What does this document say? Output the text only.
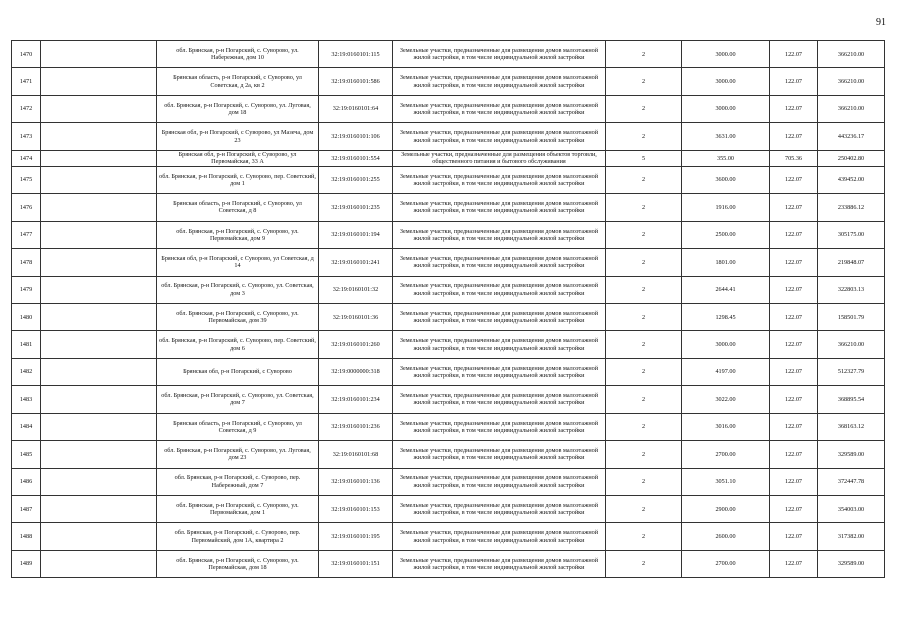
91
1470		обл. Брянская, р-н Погарский, с. Суворово, ул. Набережная, дом 10	32:19:0160101:115	Земельные участки, предназначенные для размещения домов малоэтажной жилой застройки, в том числе индивидуальной жилой застройки	2	3000.00	122.07	366210.00
1471		Брянская область, р-н Погарский, с Суворово, ул Советская, д 2а, кв 2	32:19:0160101:586	Земельные участки, предназначенные для размещения домов малоэтажной жилой застройки, в том числе индивидуальной жилой застройки	2	3000.00	122.07	366210.00
1472		обл. Брянская, р-н Погарский, с. Суворово, ул. Луговая, дом 18	32:19:0160101:64	Земельные участки, предназначенные для размещения домов малоэтажной жилой застройки, в том числе индивидуальной жилой застройки	2	3000.00	122.07	366210.00
1473		Брянская обл, р-н Погарский, с Суворово, ул Мазеча, дом 23	32:19:0160101:106	Земельные участки, предназначенные для размещения домов малоэтажной жилой застройки, в том числе индивидуальной жилой застройки	2	3631.00	122.07	443236.17
1474		Брянская обл, р-н Погарский, с Суворово, ул Первомайская, 33 А	32:19:0160101:554	Земельные участки, предназначенные для размещения объектов торговли, общественного питания и бытового обслуживания	5	355.00	705.36	250402.80
1475		обл. Брянская, р-н Погарский, с. Суворово, пер. Советский, дом 1	32:19:0160101:255	Земельные участки, предназначенные для размещения домов малоэтажной жилой застройки, в том числе индивидуальной жилой застройки	2	3600.00	122.07	439452.00
1476		Брянская область, р-н Погарский, с Суворово, ул Советская, д 8	32:19:0160101:235	Земельные участки, предназначенные для размещения домов малоэтажной жилой застройки, в том числе индивидуальной жилой застройки	2	1916.00	122.07	233886.12
1477		обл. Брянская, р-н Погарский, с. Суворово, ул. Первомайская, дом 9	32:19:0160101:194	Земельные участки, предназначенные для размещения домов малоэтажной жилой застройки, в том числе индивидуальной жилой застройки	2	2500.00	122.07	305175.00
1478		Брянская обл, р-н Погарский, с Суворово, ул Советская, д 14	32:19:0160101:241	Земельные участки, предназначенные для размещения домов малоэтажной жилой застройки, в том числе индивидуальной жилой застройки	2	1801.00	122.07	219848.07
1479		обл. Брянская, р-н Погарский, с. Суворово, ул. Советская, дом 3	32:19:0160101:32	Земельные участки, предназначенные для размещения домов малоэтажной жилой застройки, в том числе индивидуальной жилой застройки	2	2644.41	122.07	322803.13
1480		обл. Брянская, р-н Погарский, с. Суворово, ул. Первомайская, дом 39	32:19:0160101:36	Земельные участки, предназначенные для размещения домов малоэтажной жилой застройки, в том числе индивидуальной жилой застройки	2	1298.45	122.07	158501.79
1481		обл. Брянская, р-н Погарский, с. Суворово, пер. Советский, дом 6	32:19:0160101:260	Земельные участки, предназначенные для размещения домов малоэтажной жилой застройки, в том числе индивидуальной жилой застройки	2	3000.00	122.07	366210.00
1482		Брянская обл, р-н Погарский, с Суворово	32:19:0000000:318	Земельные участки, предназначенные для размещения домов малоэтажной жилой застройки, в том числе индивидуальной жилой застройки	2	4197.00	122.07	512327.79
1483		обл. Брянская, р-н Погарский, с. Суворово, ул. Советская, дом 7	32:19:0160101:234	Земельные участки, предназначенные для размещения домов малоэтажной жилой застройки, в том числе индивидуальной жилой застройки	2	3022.00	122.07	368895.54
1484		Брянская область, р-н Погарский, с Суворово, ул Советская, д 9	32:19:0160101:236	Земельные участки, предназначенные для размещения домов малоэтажной жилой застройки, в том числе индивидуальной жилой застройки	2	3016.00	122.07	368163.12
1485		обл. Брянская, р-н Погарский, с. Суворово, ул. Луговая, дом 23	32:19:0160101:68	Земельные участки, предназначенные для размещения домов малоэтажной жилой застройки, в том числе индивидуальной жилой застройки	2	2700.00	122.07	329589.00
1486		обл. Брянская, р-н Погарский, с. Суворово, пер. Набережный, дом 7	32:19:0160101:136	Земельные участки, предназначенные для размещения домов малоэтажной жилой застройки, в том числе индивидуальной жилой застройки	2	3051.10	122.07	372447.78
1487		обл. Брянская, р-н Погарский, с. Суворово, ул. Первомайская, дом 1	32:19:0160101:153	Земельные участки, предназначенные для размещения домов малоэтажной жилой застройки, в том числе индивидуальной жилой застройки	2	2900.00	122.07	354003.00
1488		обл. Брянская, р-н Погарский, с. Суворово, пер. Первомайский, дом 1А, квартира 2	32:19:0160101:195	Земельные участки, предназначенные для размещения домов малоэтажной жилой застройки, в том числе индивидуальной жилой застройки	2	2600.00	122.07	317382.00
1489		обл. Брянская, р-н Погарский, с. Суворово, ул. Первомайская, дом 18	32:19:0160101:151	Земельные участки, предназначенные для размещения домов малоэтажной жилой застройки, в том числе индивидуальной жилой застройки	2	2700.00	122.07	329589.00
